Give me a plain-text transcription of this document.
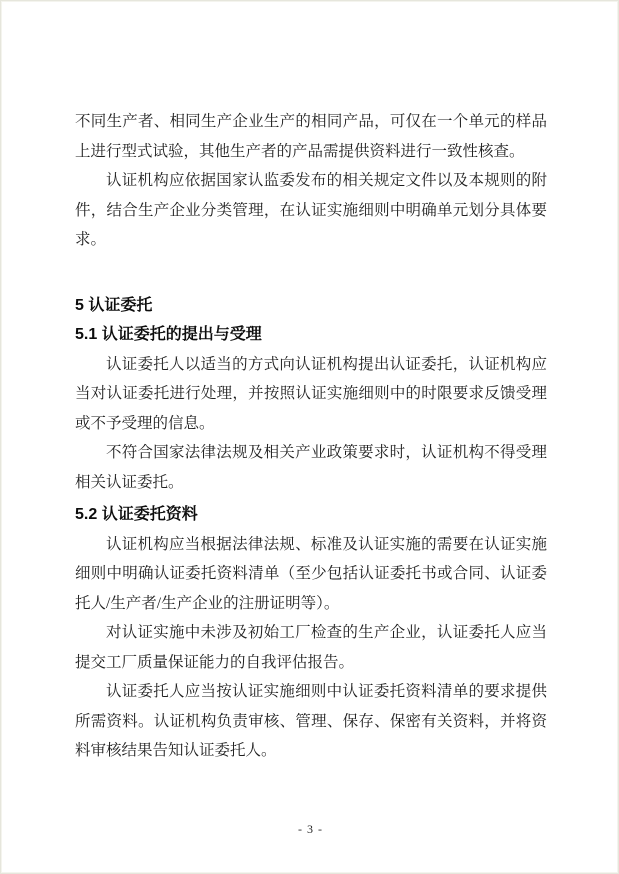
不同生产者、相同生产企业生产的相同产品，可仅在一个单元的样品上进行型式试验，其他生产者的产品需提供资料进行一致性核查。

认证机构应依据国家认监委发布的相关规定文件以及本规则的附件，结合生产企业分类管理，在认证实施细则中明确单元划分具体要求。

5 认证委托
5.1 认证委托的提出与受理

认证委托人以适当的方式向认证机构提出认证委托，认证机构应当对认证委托进行处理，并按照认证实施细则中的时限要求反馈受理或不予受理的信息。

不符合国家法律法规及相关产业政策要求时，认证机构不得受理相关认证委托。

5.2 认证委托资料

认证机构应当根据法律法规、标准及认证实施的需要在认证实施细则中明确认证委托资料清单（至少包括认证委托书或合同、认证委托人/生产者/生产企业的注册证明等）。

对认证实施中未涉及初始工厂检查的生产企业，认证委托人应当提交工厂质量保证能力的自我评估报告。

认证委托人应当按认证实施细则中认证委托资料清单的要求提供所需资料。认证机构负责审核、管理、保存、保密有关资料，并将资料审核结果告知认证委托人。

- 3 -
